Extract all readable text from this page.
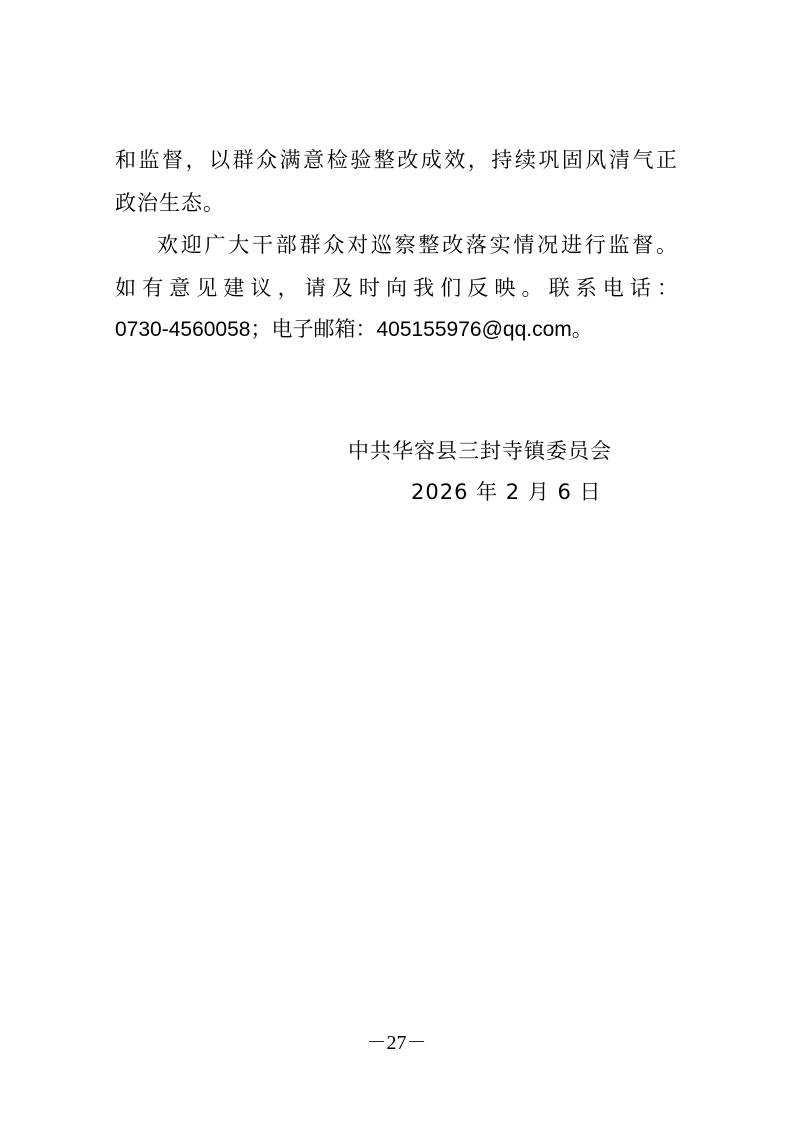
和监督，以群众满意检验整改成效，持续巩固风清气正
政治生态。
欢迎广大干部群众对巡察整改落实情况进行监督。
如有意见建议，请及时向我们反映。联系电话：
0730-4560058；电子邮箱：405155976@qq.com。
中共华容县三封寺镇委员会
2026 年 2 月 6 日
－27－
